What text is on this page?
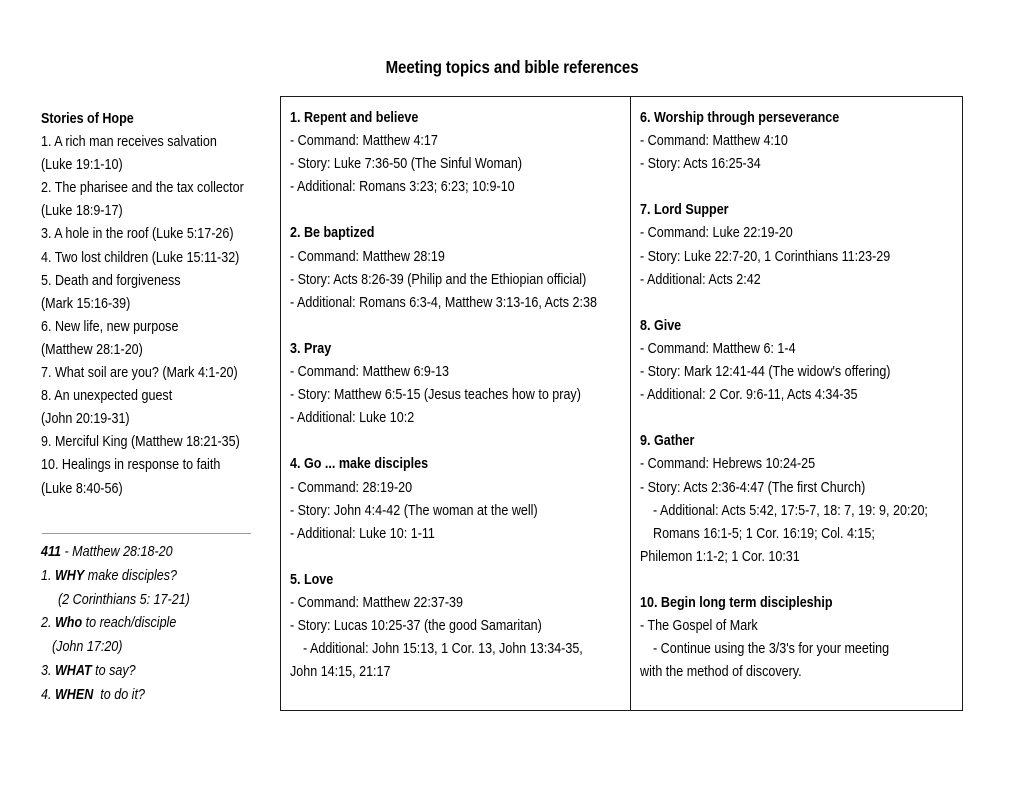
Meeting topics and bible references
Stories of Hope
1. A rich man receives salvation
(Luke 19:1-10)
2. The pharisee and the tax collector
(Luke 18:9-17)
3. A hole in the roof (Luke 5:17-26)
4. Two lost children (Luke 15:11-32)
5. Death and forgiveness
(Mark 15:16-39)
6. New life, new purpose
(Matthew 28:1-20)
7. What soil are you? (Mark 4:1-20)
8. An unexpected guest
(John 20:19-31)
9. Merciful King (Matthew 18:21-35)
10. Healings in response to faith
(Luke 8:40-56)
411 - Matthew 28:18-20
1. WHY make disciples?
(2 Corinthians 5: 17-21)
2. Who to reach/disciple
(John 17:20)
3. WHAT to say?
4. WHEN  to do it?
1. Repent and believe
- Command: Matthew 4:17
- Story: Luke 7:36-50 (The Sinful Woman)
- Additional: Romans 3:23; 6:23; 10:9-10
2. Be baptized
- Command: Matthew 28:19
- Story: Acts 8:26-39 (Philip and the Ethiopian official)
- Additional: Romans 6:3-4, Matthew 3:13-16, Acts 2:38
3. Pray
- Command: Matthew 6:9-13
- Story: Matthew 6:5-15 (Jesus teaches how to pray)
- Additional: Luke 10:2
4. Go ... make disciples
- Command: 28:19-20
- Story: John 4:4-42 (The woman at the well)
- Additional: Luke 10: 1-11
5. Love
- Command: Matthew 22:37-39
- Story: Lucas 10:25-37 (the good Samaritan)
- Additional: John 15:13, 1 Cor. 13, John 13:34-35,
John 14:15, 21:17
6. Worship through perseverance
- Command: Matthew 4:10
- Story: Acts 16:25-34
7. Lord Supper
- Command: Luke 22:19-20
- Story: Luke 22:7-20, 1 Corinthians 11:23-29
- Additional: Acts 2:42
8. Give
- Command: Matthew 6: 1-4
- Story: Mark 12:41-44 (The widow's offering)
- Additional: 2 Cor. 9:6-11, Acts 4:34-35
9. Gather
- Command: Hebrews 10:24-25
- Story: Acts 2:36-4:47 (The first Church)
- Additional: Acts 5:42, 17:5-7, 18: 7, 19: 9, 20:20;
Romans 16:1-5; 1 Cor. 16:19; Col. 4:15;
Philemon 1:1-2; 1 Cor. 10:31
10. Begin long term discipleship
- The Gospel of Mark
- Continue using the 3/3's for your meeting
with the method of discovery.
